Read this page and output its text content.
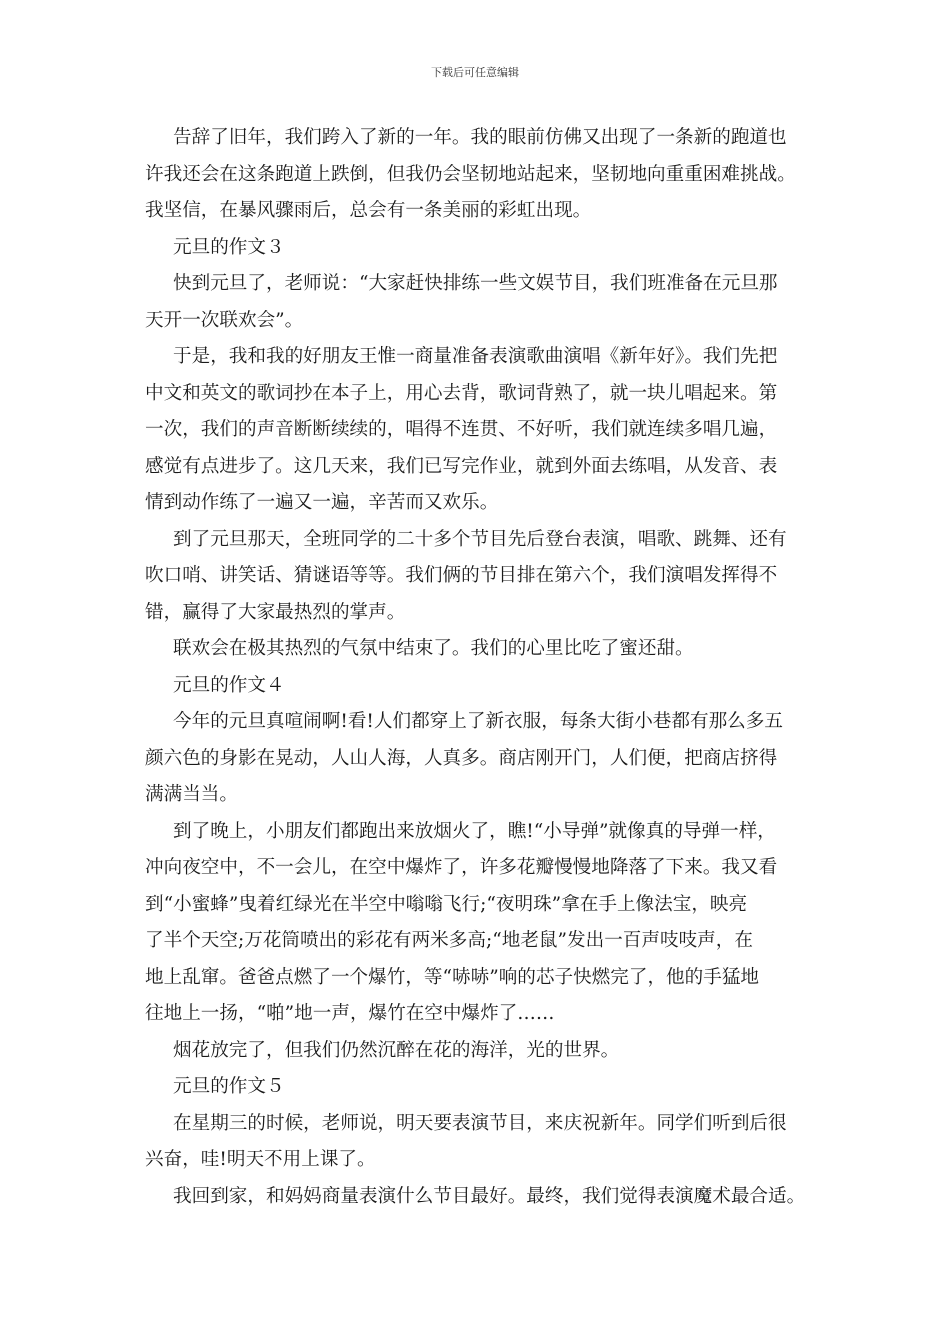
下载后可任意编辑
告辞了旧年，我们跨入了新的一年。我的眼前仿佛又出现了一条新的跑道也
许我还会在这条跑道上跌倒，但我仍会坚韧地站起来，坚韧地向重重困难挑战。
我坚信，在暴风骤雨后，总会有一条美丽的彩虹出现。
元旦的作文３
快到元旦了，老师说：“大家赶快排练一些文娱节目，我们班准备在元旦那
天开一次联欢会”。
于是，我和我的好朋友王惟一商量准备表演歌曲演唱《新年好》。我们先把
中文和英文的歌词抄在本子上，用心去背，歌词背熟了，就一块儿唱起来。第
一次，我们的声音断断续续的，唱得不连贯、不好听，我们就连续多唱几遍，
感觉有点进步了。这几天来，我们已写完作业，就到外面去练唱，从发音、表
情到动作练了一遍又一遍，辛苦而又欢乐。
到了元旦那天，全班同学的二十多个节目先后登台表演，唱歌、跳舞、还有
吹口哨、讲笑话、猜谜语等等。我们俩的节目排在第六个，我们演唱发挥得不
错，赢得了大家最热烈的掌声。
联欢会在极其热烈的气氛中结束了。我们的心里比吃了蜜还甜。
元旦的作文４
今年的元旦真喧闹啊!看!人们都穿上了新衣服，每条大街小巷都有那么多五
颜六色的身影在晃动，人山人海，人真多。商店刚开门，人们便，把商店挤得
满满当当。
到了晚上，小朋友们都跑出来放烟火了，瞧!“小导弹”就像真的导弹一样，
冲向夜空中，不一会儿，在空中爆炸了，许多花瓣慢慢地降落了下来。我又看
到“小蜜蜂”曳着红绿光在半空中嗡嗡飞行;“夜明珠”拿在手上像法宝，映亮
了半个天空;万花筒喷出的彩花有两米多高;“地老鼠”发出一百声吱吱声，在
地上乱窜。爸爸点燃了一个爆竹，等“哧哧”响的芯子快燃完了，他的手猛地
往地上一扬，“啪”地一声，爆竹在空中爆炸了……
烟花放完了，但我们仍然沉醉在花的海洋，光的世界。
元旦的作文５
在星期三的时候，老师说，明天要表演节目，来庆祝新年。同学们听到后很
兴奋，哇!明天不用上课了。
我回到家，和妈妈商量表演什么节目最好。最终，我们觉得表演魔术最合适。
